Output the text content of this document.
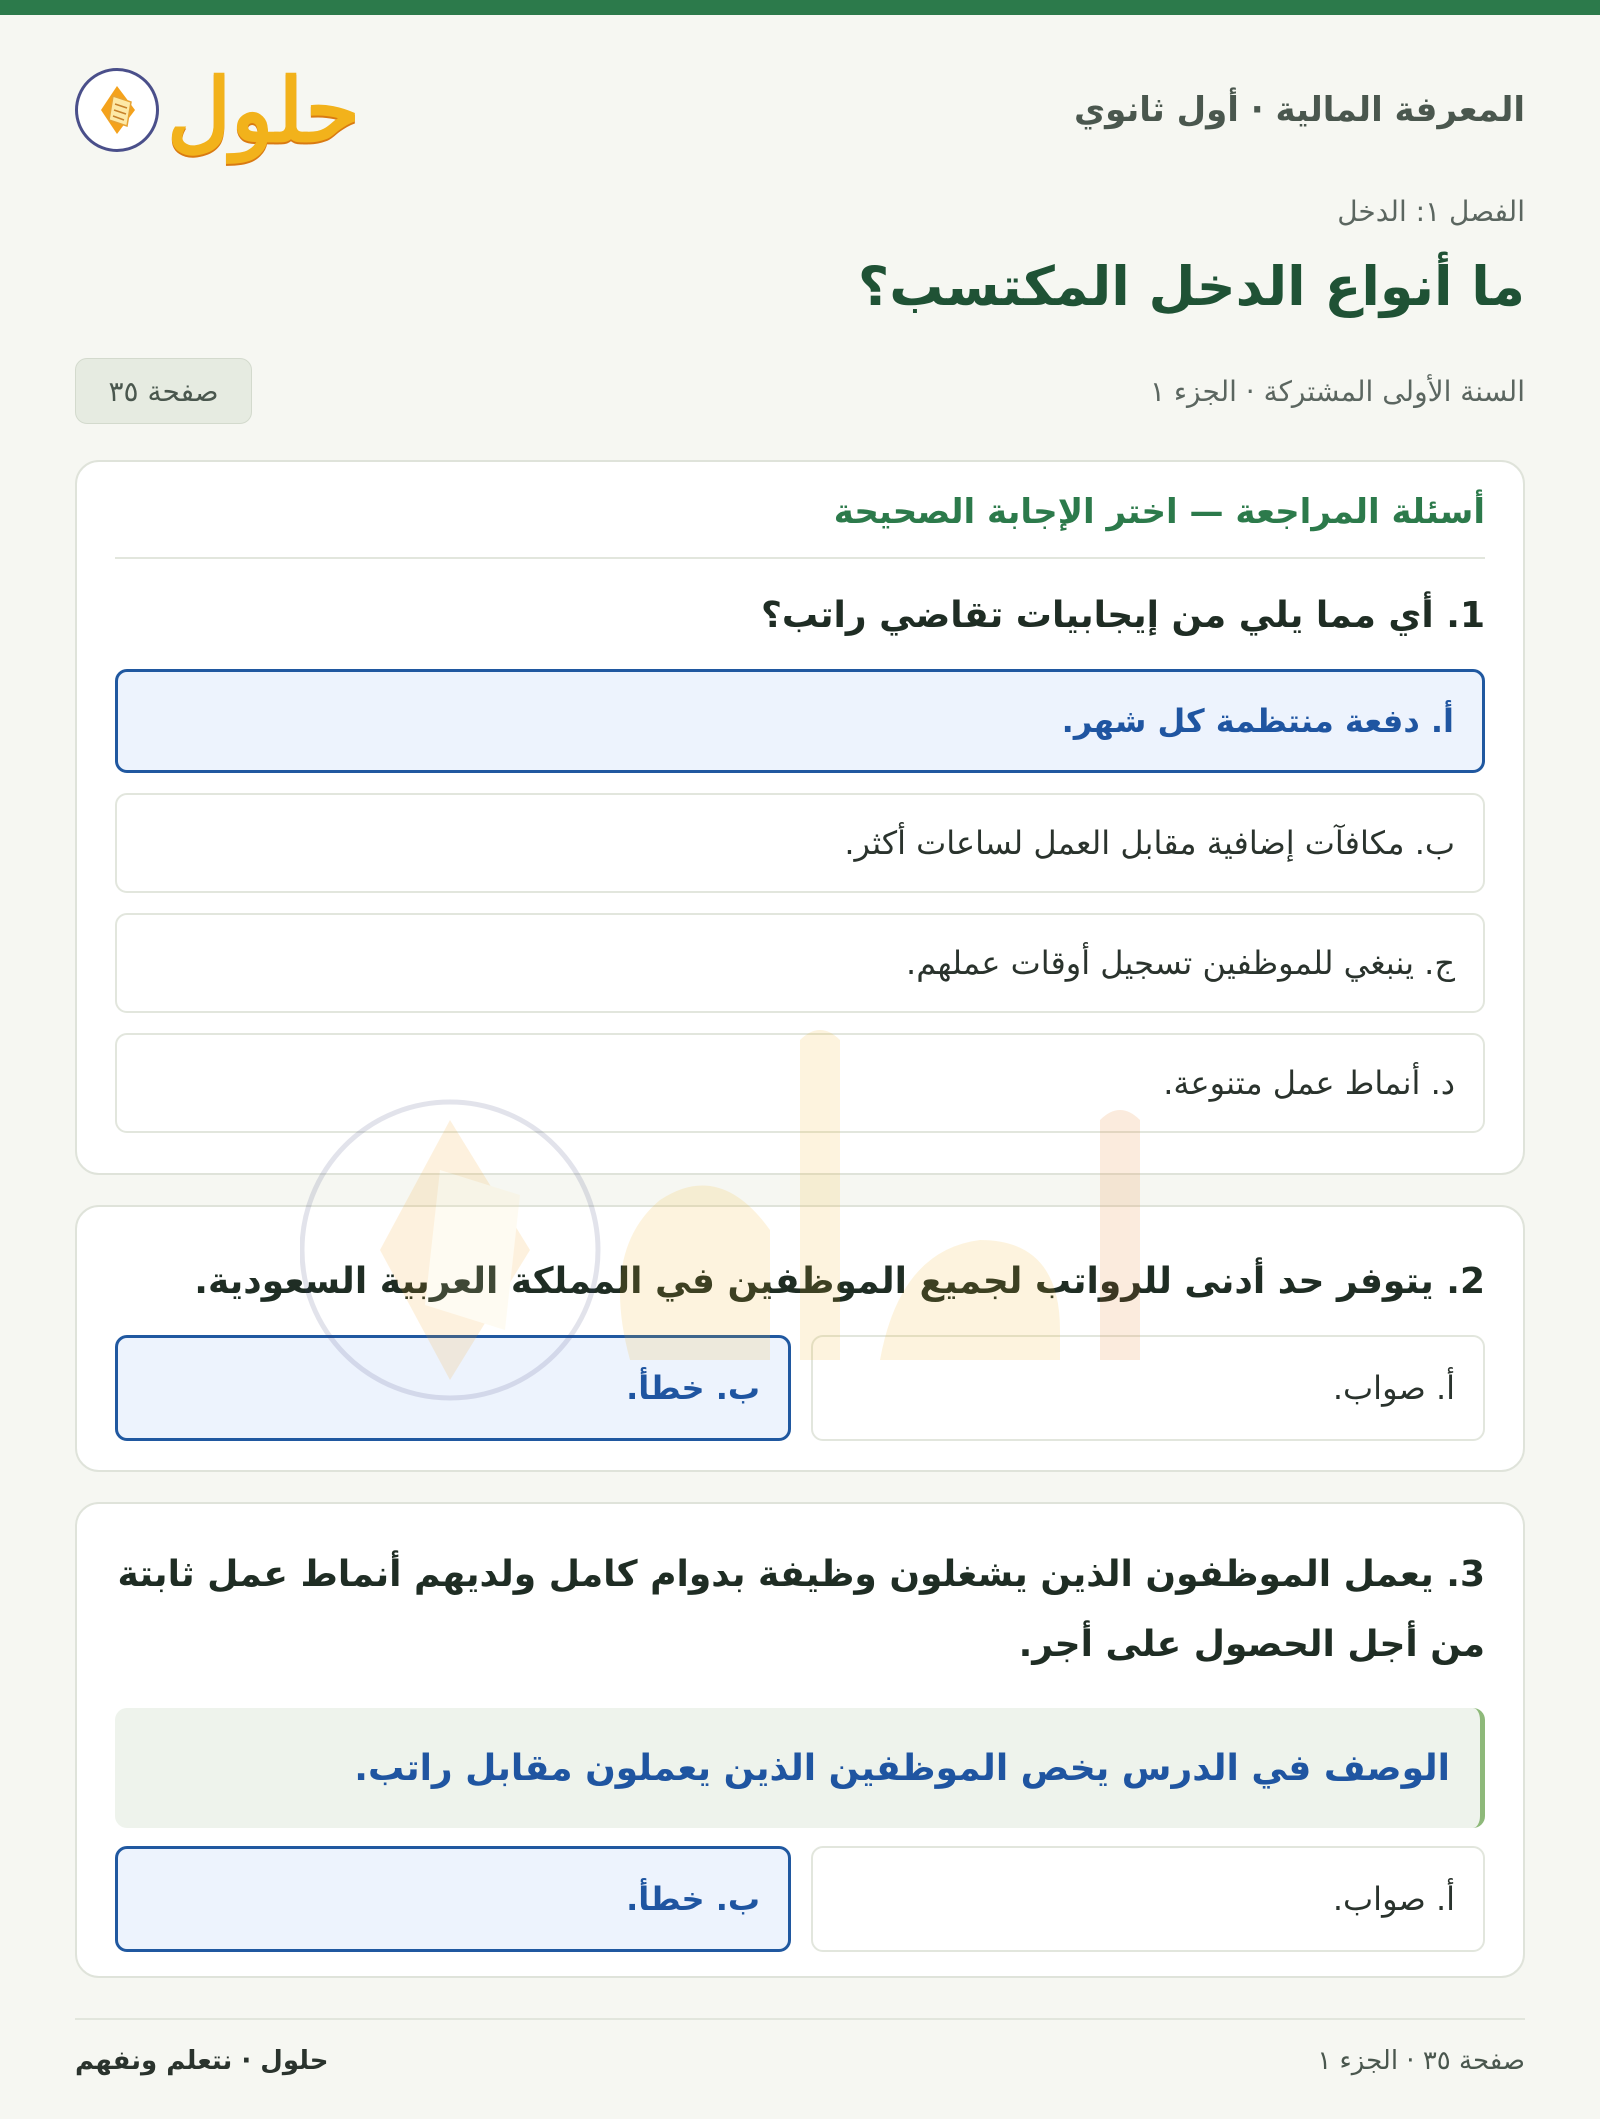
المعرفة المالية · أول ثانوي
حلول
الفصل ١: الدخل
ما أنواع الدخل المكتسب؟
السنة الأولى المشتركة · الجزء ١
صفحة ٣٥
أسئلة المراجعة — اختر الإجابة الصحيحة
1. أي مما يلي من إيجابيات تقاضي راتب؟
أ. دفعة منتظمة كل شهر.
ب. مكافآت إضافية مقابل العمل لساعات أكثر.
ج. ينبغي للموظفين تسجيل أوقات عملهم.
د. أنماط عمل متنوعة.
2. يتوفر حد أدنى للرواتب لجميع الموظفين في المملكة العربية السعودية.
أ. صواب.
ب. خطأ.
3. يعمل الموظفون الذين يشغلون وظيفة بدوام كامل ولديهم أنماط عمل ثابتة من أجل الحصول على أجر.
الوصف في الدرس يخص الموظفين الذين يعملون مقابل راتب.
أ. صواب.
ب. خطأ.
صفحة ٣٥ · الجزء ١
حلول · نتعلم ونفهم
